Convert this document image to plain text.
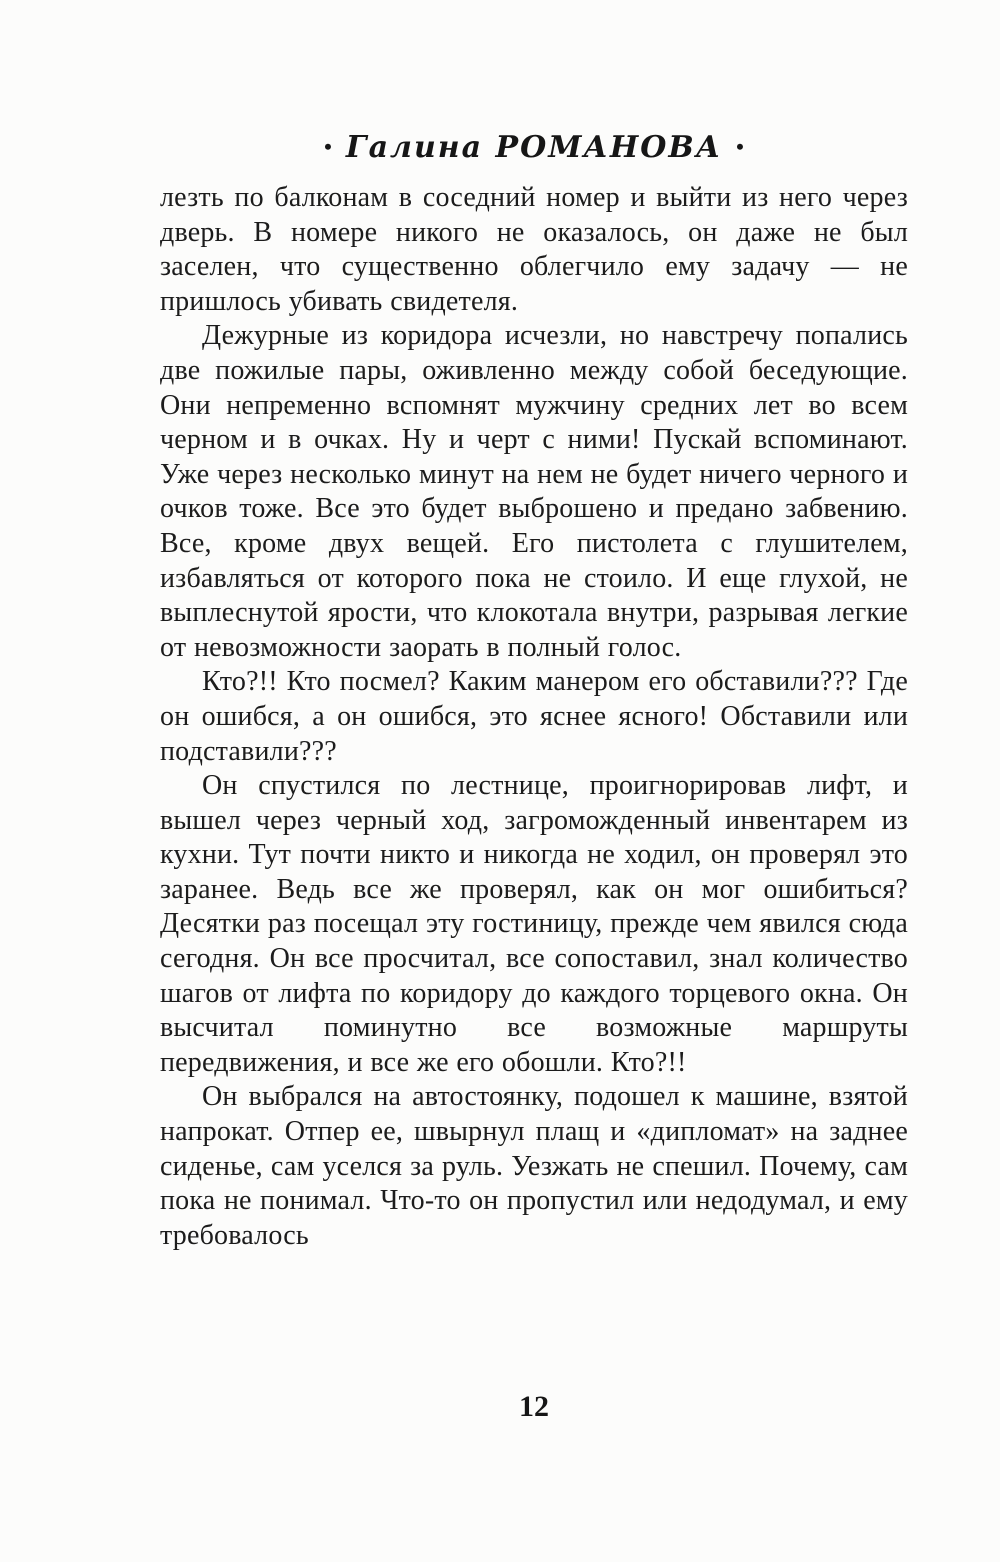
• Галина РОМАНОВА •

лезть по балконам в соседний номер и выйти из него через дверь. В номере никого не оказалось, он даже не был заселен, что существенно облегчило ему задачу — не пришлось убивать свидетеля.

Дежурные из коридора исчезли, но навстречу попались две пожилые пары, оживленно между собой беседующие. Они непременно вспомнят мужчину средних лет во всем черном и в очках. Ну и черт с ними! Пускай вспоминают. Уже через несколько минут на нем не будет ничего черного и очков тоже. Все это будет выброшено и предано забвению. Все, кроме двух вещей. Его пистолета с глушителем, избавляться от которого пока не стоило. И еще глухой, не выплеснутой ярости, что клокотала внутри, разрывая легкие от невозможности заорать в полный голос.

Кто?!! Кто посмел? Каким манером его обставили??? Где он ошибся, а он ошибся, это яснее ясного! Обставили или подставили???

Он спустился по лестнице, проигнорировав лифт, и вышел через черный ход, загроможденный инвентарем из кухни. Тут почти никто и никогда не ходил, он проверял это заранее. Ведь все же проверял, как он мог ошибиться? Десятки раз посещал эту гостиницу, прежде чем явился сюда сегодня. Он все просчитал, все сопоставил, знал количество шагов от лифта по коридору до каждого торцевого окна. Он высчитал поминутно все возможные маршруты передвижения, и все же его обошли. Кто?!!

Он выбрался на автостоянку, подошел к машине, взятой напрокат. Отпер ее, швырнул плащ и «дипломат» на заднее сиденье, сам уселся за руль. Уезжать не спешил. Почему, сам пока не понимал. Что-то он пропустил или недодумал, и ему требовалось

12
